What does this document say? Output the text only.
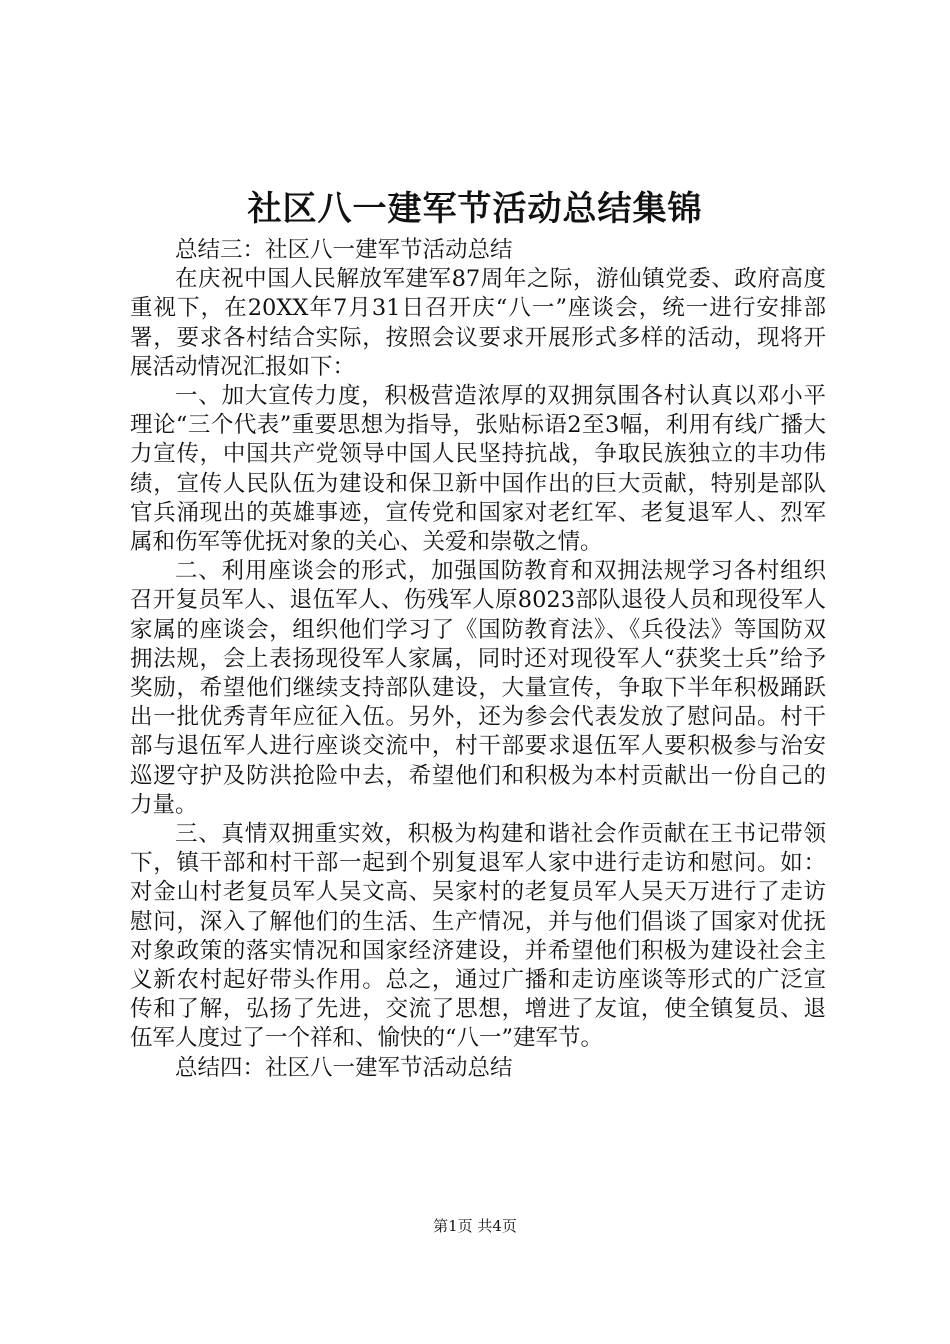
社区八一建军节活动总结集锦

总结三：社区八一建军节活动总结

在庆祝中国人民解放军建军87周年之际，游仙镇党委、政府高度重视下，在20XX年7月31日召开庆“八一”座谈会，统一进行安排部署，要求各村结合实际，按照会议要求开展形式多样的活动，现将开展活动情况汇报如下：

一、加大宣传力度，积极营造浓厚的双拥氛围各村认真以邓小平理论“三个代表”重要思想为指导，张贴标语2至3幅，利用有线广播大力宣传，中国共产党领导中国人民坚持抗战，争取民族独立的丰功伟绩，宣传人民队伍为建设和保卫新中国作出的巨大贡献，特别是部队官兵涌现出的英雄事迹，宣传党和国家对老红军、老复退军人、烈军属和伤军等优抚对象的关心、关爱和崇敬之情。

二、利用座谈会的形式，加强国防教育和双拥法规学习各村组织召开复员军人、退伍军人、伤残军人原8023部队退役人员和现役军人家属的座谈会，组织他们学习了《国防教育法》、《兵役法》等国防双拥法规，会上表扬现役军人家属，同时还对现役军人“获奖士兵”给予奖励，希望他们继续支持部队建设，大量宣传，争取下半年积极踊跃出一批优秀青年应征入伍。另外，还为参会代表发放了慰问品。村干部与退伍军人进行座谈交流中，村干部要求退伍军人要积极参与治安巡逻守护及防洪抢险中去，希望他们和积极为本村贡献出一份自己的力量。

三、真情双拥重实效，积极为构建和谐社会作贡献在王书记带领下，镇干部和村干部一起到个别复退军人家中进行走访和慰问。如：对金山村老复员军人吴文高、吴家村的老复员军人吴天万进行了走访慰问，深入了解他们的生活、生产情况，并与他们倡谈了国家对优抚对象政策的落实情况和国家经济建设，并希望他们积极为建设社会主义新农村起好带头作用。总之，通过广播和走访座谈等形式的广泛宣传和了解，弘扬了先进，交流了思想，增进了友谊，使全镇复员、退伍军人度过了一个祥和、愉快的“八一”建军节。

总结四：社区八一建军节活动总结

第1页 共4页
